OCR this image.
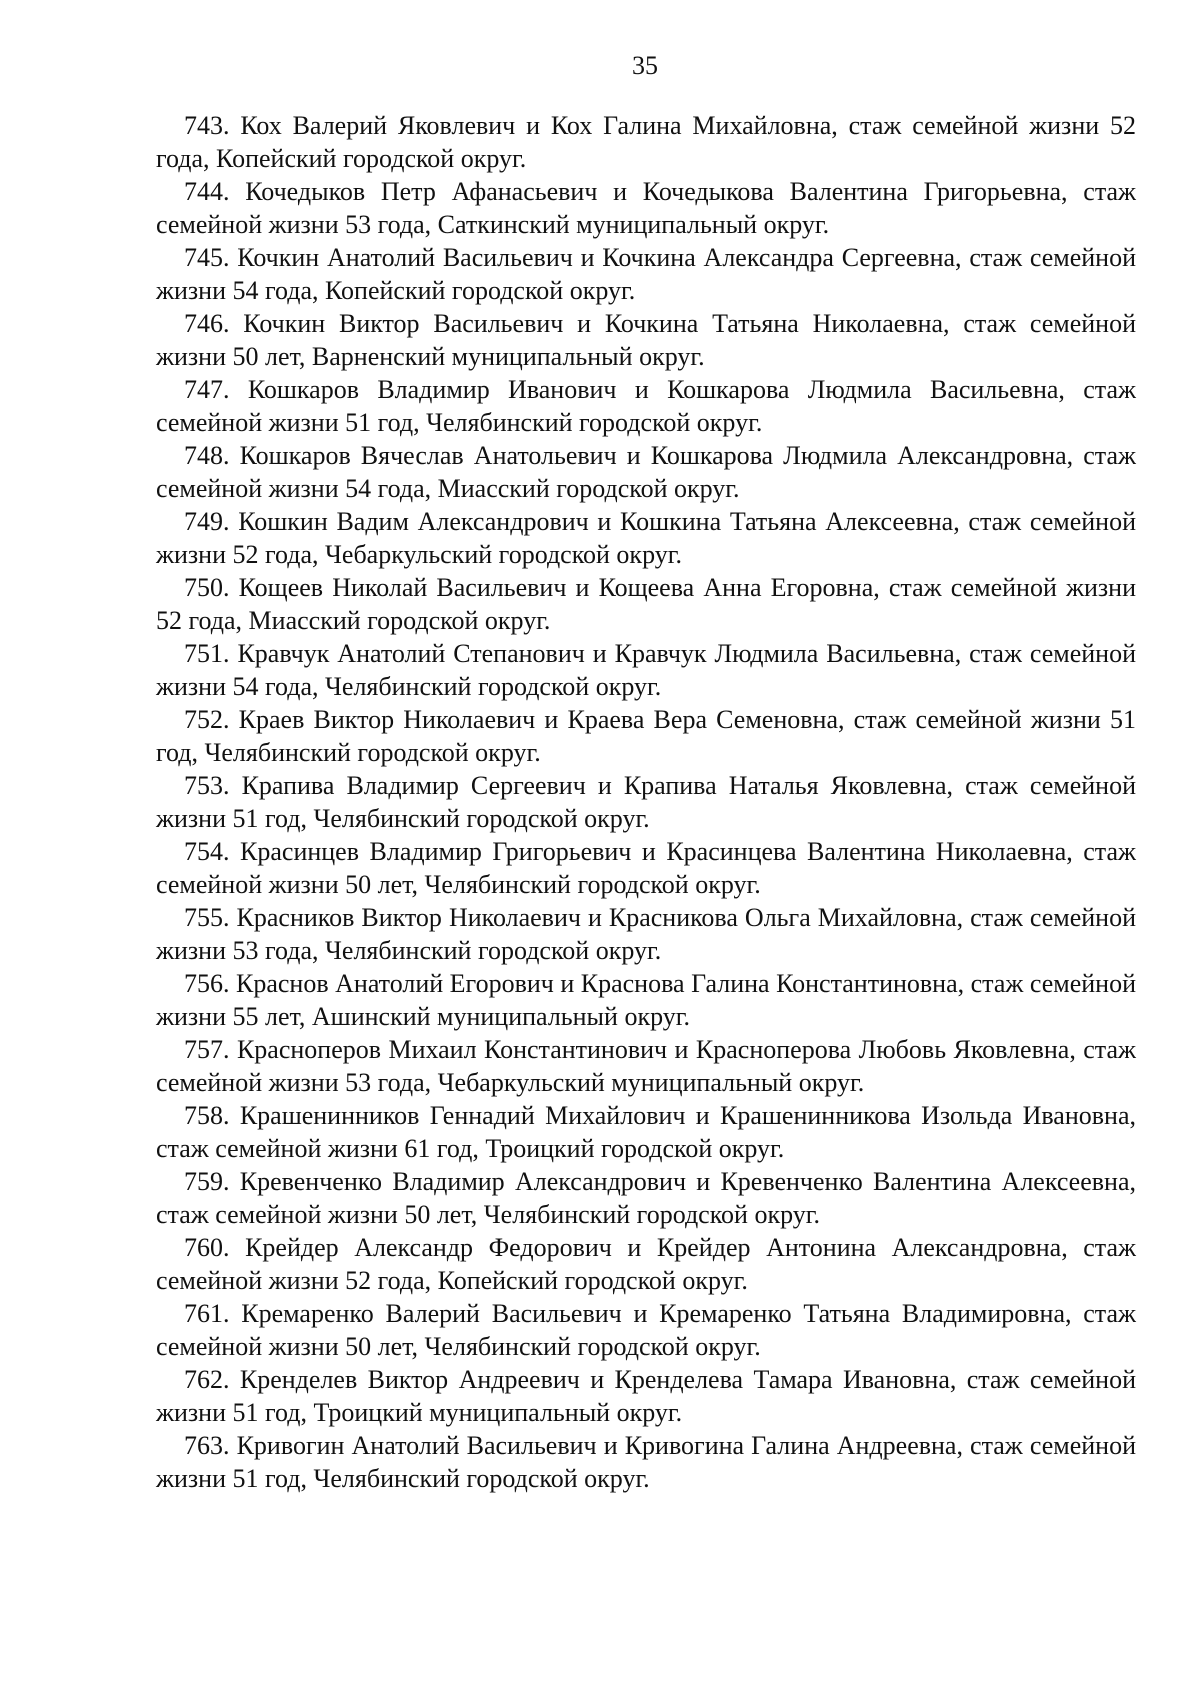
35

743. Кох Валерий Яковлевич и Кох Галина Михайловна, стаж семейной жизни 52 года, Копейский городской округ.

744. Кочедыков Петр Афанасьевич и Кочедыкова Валентина Григорьевна, стаж семейной жизни 53 года, Саткинский муниципальный округ.

745. Кочкин Анатолий Васильевич и Кочкина Александра Сергеевна, стаж семейной жизни 54 года, Копейский городской округ.

746. Кочкин Виктор Васильевич и Кочкина Татьяна Николаевна, стаж семейной жизни 50 лет, Варненский муниципальный округ.

747. Кошкаров Владимир Иванович и Кошкарова Людмила Васильевна, стаж семейной жизни 51 год, Челябинский городской округ.

748. Кошкаров Вячеслав Анатольевич и Кошкарова Людмила Александровна, стаж семейной жизни 54 года, Миасский городской округ.

749. Кошкин Вадим Александрович и Кошкина Татьяна Алексеевна, стаж семейной жизни 52 года, Чебаркульский городской округ.

750. Кощеев Николай Васильевич и Кощеева Анна Егоровна, стаж семейной жизни 52 года, Миасский городской округ.

751. Кравчук Анатолий Степанович и Кравчук Людмила Васильевна, стаж семейной жизни 54 года, Челябинский городской округ.

752. Краев Виктор Николаевич и Краева Вера Семеновна, стаж семейной жизни 51 год, Челябинский городской округ.

753. Крапива Владимир Сергеевич и Крапива Наталья Яковлевна, стаж семейной жизни 51 год, Челябинский городской округ.

754. Красинцев Владимир Григорьевич и Красинцева Валентина Николаевна, стаж семейной жизни 50 лет, Челябинский городской округ.

755. Красников Виктор Николаевич и Красникова Ольга Михайловна, стаж семейной жизни 53 года, Челябинский городской округ.

756. Краснов Анатолий Егорович и Краснова Галина Константиновна, стаж семейной жизни 55 лет, Ашинский муниципальный округ.

757. Красноперов Михаил Константинович и Красноперова Любовь Яковлевна, стаж семейной жизни 53 года, Чебаркульский муниципальный округ.

758. Крашенинников Геннадий Михайлович и Крашенинникова Изольда Ивановна, стаж семейной жизни 61 год, Троицкий городской округ.

759. Кревенченко Владимир Александрович и Кревенченко Валентина Алексеевна, стаж семейной жизни 50 лет, Челябинский городской округ.

760. Крейдер Александр Федорович и Крейдер Антонина Александровна, стаж семейной жизни 52 года, Копейский городской округ.

761. Кремаренко Валерий Васильевич и Кремаренко Татьяна Владимировна, стаж семейной жизни 50 лет, Челябинский городской округ.

762. Кренделев Виктор Андреевич и Кренделева Тамара Ивановна, стаж семейной жизни 51 год, Троицкий муниципальный округ.

763. Кривогин Анатолий Васильевич и Кривогина Галина Андреевна, стаж семейной жизни 51 год, Челябинский городской округ.
